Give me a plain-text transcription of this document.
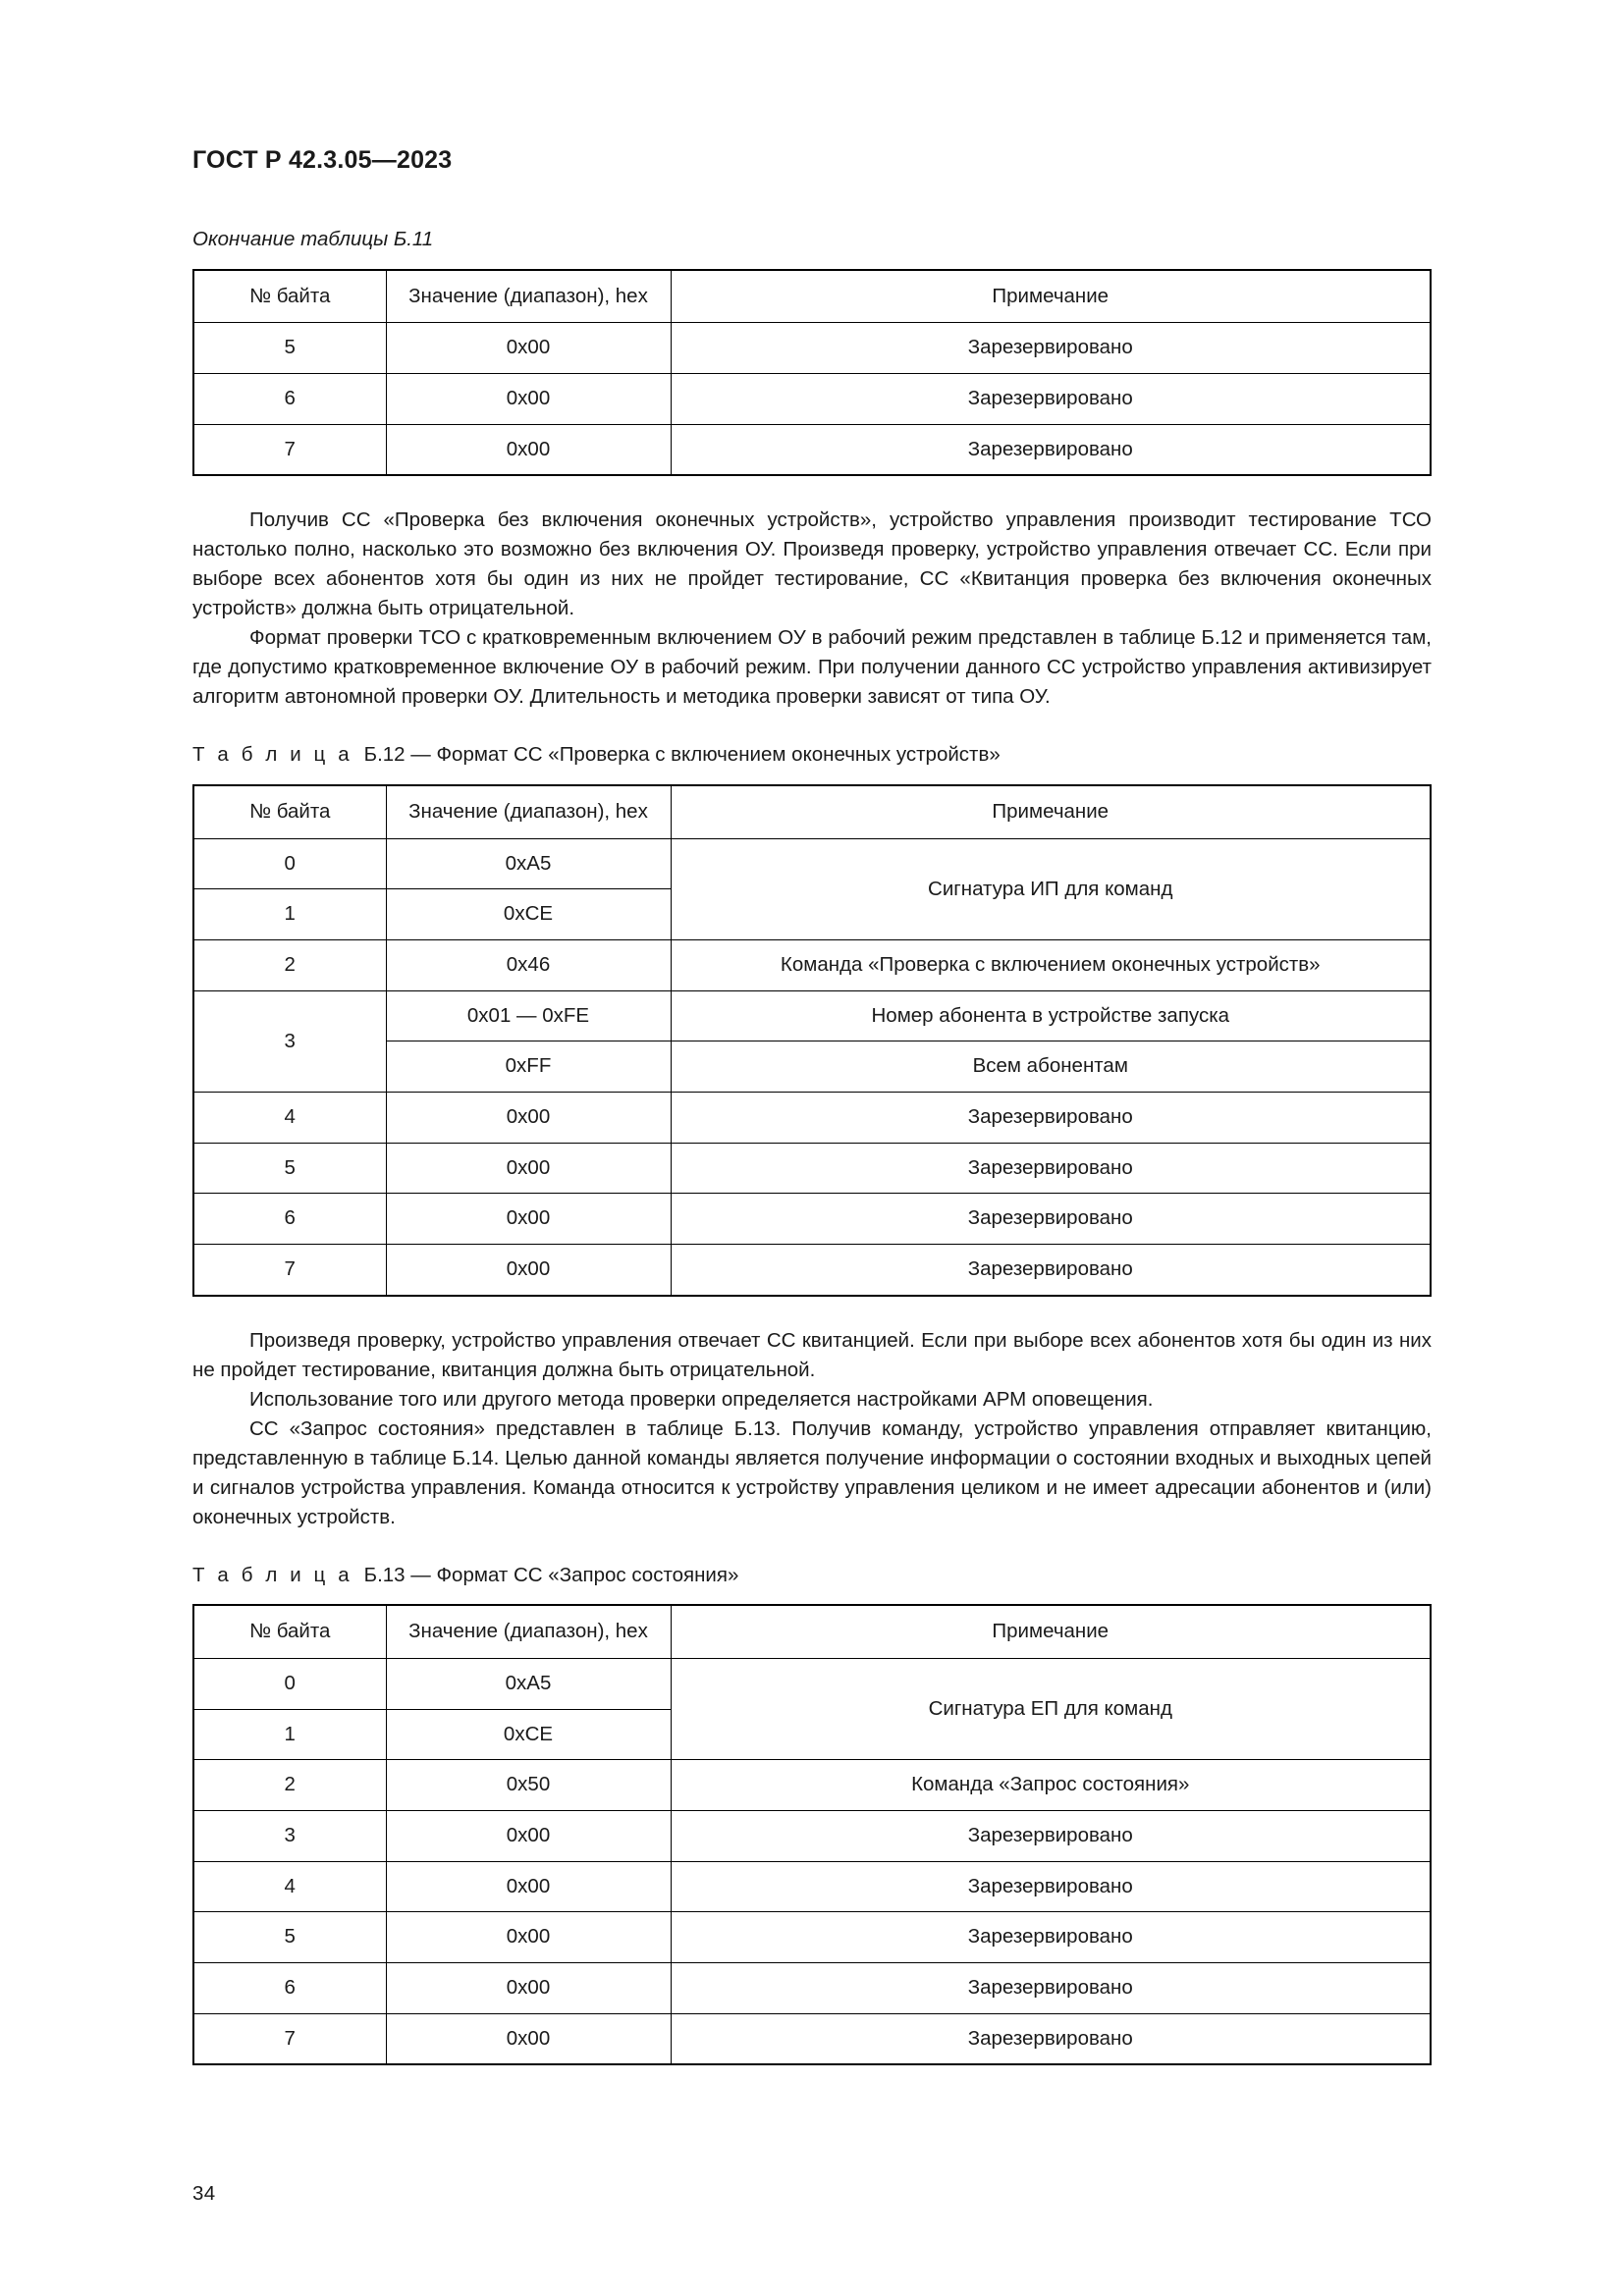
ГОСТ Р 42.3.05—2023
Окончание таблицы Б.11
№ байта	Значение (диапазон), hex	Примечание
5	0x00	Зарезервировано
6	0x00	Зарезервировано
7	0x00	Зарезервировано

Получив СС «Проверка без включения оконечных устройств», устройство управления производит тестирование ТСО настолько полно, насколько это возможно без включения ОУ. Произведя проверку, устройство управления отвечает СС. Если при выборе всех абонентов хотя бы один из них не пройдет тестирование, СС «Квитанция проверка без включения оконечных устройств» должна быть отрицательной.

Формат проверки ТСО с кратковременным включением ОУ в рабочий режим представлен в таблице Б.12 и применяется там, где допустимо кратковременное включение ОУ в рабочий режим. При получении данного СС устройство управления активизирует алгоритм автономной проверки ОУ. Длительность и методика проверки зависят от типа ОУ.

Т а б л и ц а Б.12 — Формат СС «Проверка с включением оконечных устройств»
№ байта	Значение (диапазон), hex	Примечание
0	0xA5	Сигнатура ИП для команд
1	0xCE	
2	0x46	Команда «Проверка с включением оконечных устройств»
3	0x01 — 0xFE	Номер абонента в устройстве запуска
	0xFF	Всем абонентам
4	0x00	Зарезервировано
5	0x00	Зарезервировано
6	0x00	Зарезервировано
7	0x00	Зарезервировано

Произведя проверку, устройство управления отвечает СС квитанцией. Если при выборе всех абонентов хотя бы один из них не пройдет тестирование, квитанция должна быть отрицательной.

Использование того или другого метода проверки определяется настройками АРМ оповещения.

СС «Запрос состояния» представлен в таблице Б.13. Получив команду, устройство управления отправляет квитанцию, представленную в таблице Б.14. Целью данной команды является получение информации о состоянии входных и выходных цепей и сигналов устройства управления. Команда относится к устройству управления целиком и не имеет адресации абонентов и (или) оконечных устройств.

Т а б л и ц а Б.13 — Формат СС «Запрос состояния»
№ байта	Значение (диапазон), hex	Примечание
0	0xA5	Сигнатура ЕП для команд
1	0xCE	
2	0x50	Команда «Запрос состояния»
3	0x00	Зарезервировано
4	0x00	Зарезервировано
5	0x00	Зарезервировано
6	0x00	Зарезервировано
7	0x00	Зарезервировано
34
